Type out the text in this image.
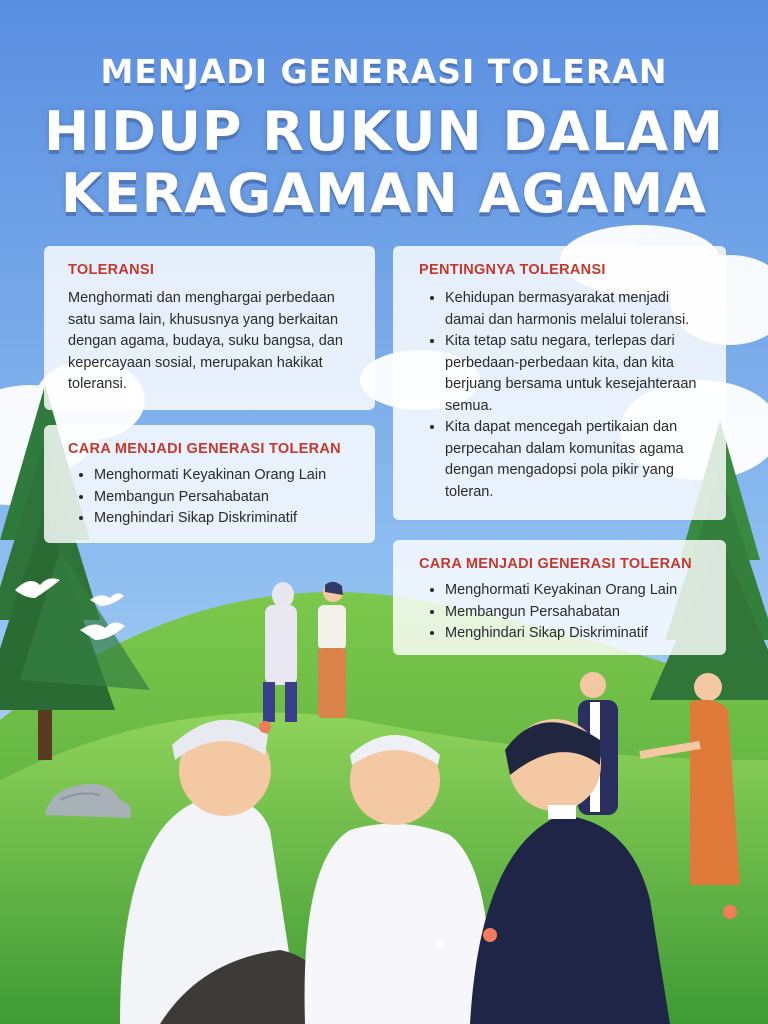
MENJADI GENERASI TOLERAN
HIDUP RUKUN DALAM
KERAGAMAN AGAMA
TOLERANSI

Menghormati dan menghargai perbedaan satu sama lain, khususnya yang berkaitan dengan agama, budaya, suku bangsa, dan kepercayaan sosial, merupakan hakikat toleransi.

CARA MENJADI GENERASI TOLERAN
• Menghormati Keyakinan Orang Lain
• Membangun Persahabatan
• Menghindari Sikap Diskriminatif
PENTINGNYA TOLERANSI
• Kehidupan bermasyarakat menjadi damai dan harmonis melalui toleransi.
• Kita tetap satu negara, terlepas dari perbedaan-perbedaan kita, dan kita berjuang bersama untuk kesejahteraan semua.
• Kita dapat mencegah pertikaian dan perpecahan dalam komunitas agama dengan mengadopsi pola pikir yang toleran.
CARA MENJADI GENERASI TOLERAN
• Menghormati Keyakinan Orang Lain
• Membangun Persahabatan
• Menghindari Sikap Diskriminatif
